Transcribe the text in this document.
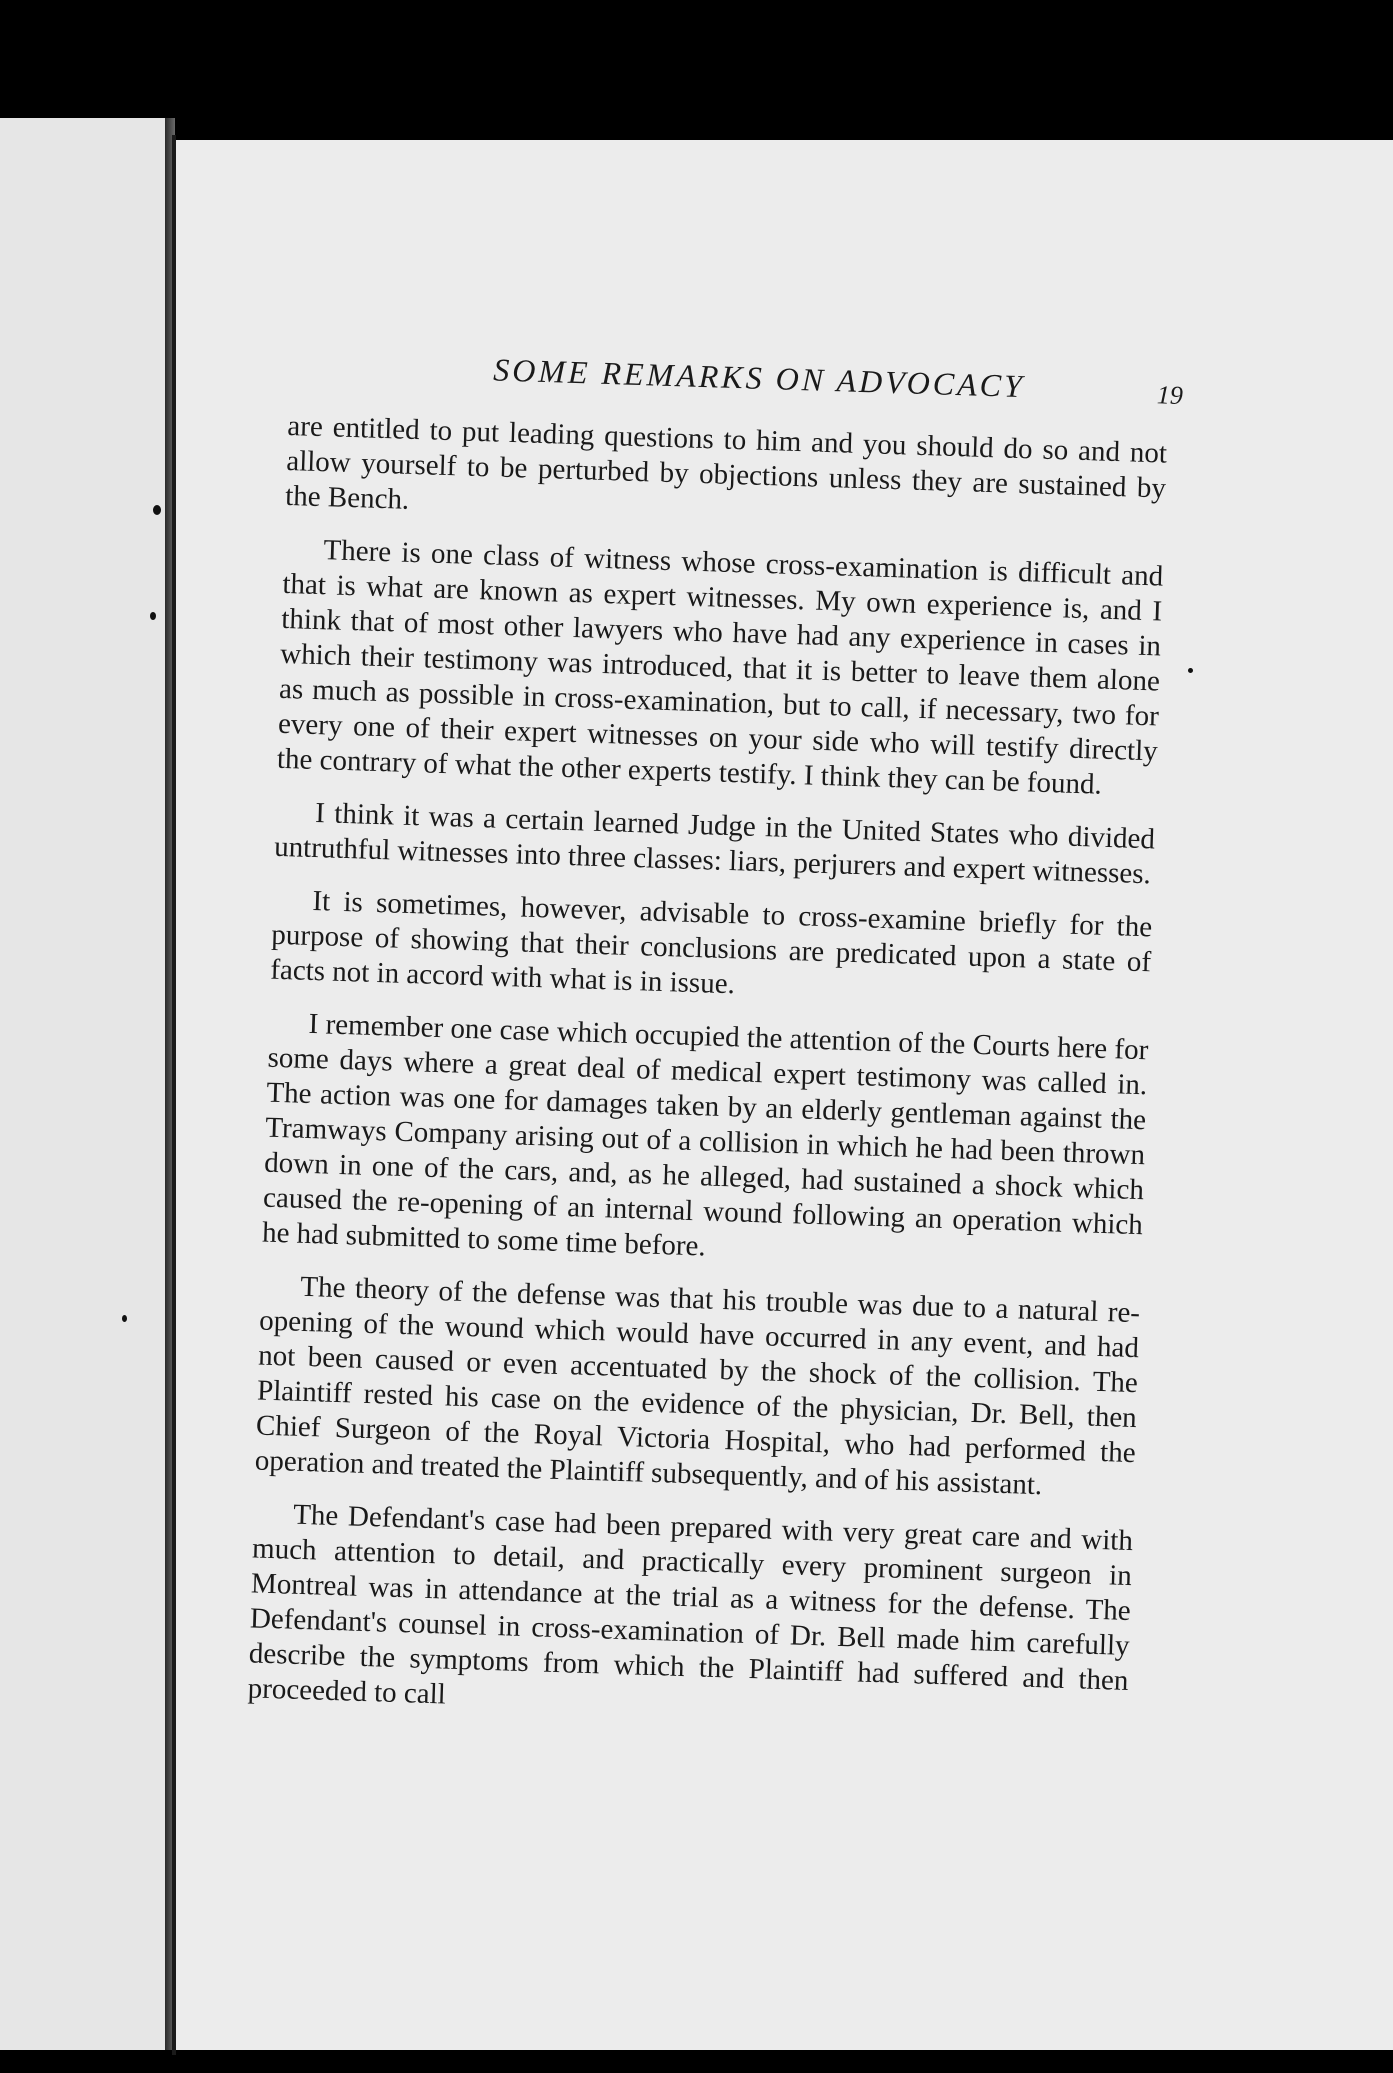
SOME REMARKS ON ADVOCACY	19

are entitled to put leading questions to him and you should do so and not allow yourself to be perturbed by objections unless they are sustained by the Bench.

There is one class of witness whose cross-examination is difficult and that is what are known as expert witnesses. My own experience is, and I think that of most other lawyers who have had any experience in cases in which their testimony was introduced, that it is better to leave them alone as much as possible in cross-examination, but to call, if necessary, two for every one of their expert witnesses on your side who will testify directly the contrary of what the other experts testify. I think they can be found.

I think it was a certain learned Judge in the United States who divided untruthful witnesses into three classes: liars, perjurers and expert witnesses.

It is sometimes, however, advisable to cross-examine briefly for the purpose of showing that their conclusions are predicated upon a state of facts not in accord with what is in issue.

I remember one case which occupied the attention of the Courts here for some days where a great deal of medical expert testimony was called in. The action was one for damages taken by an elderly gentleman against the Tramways Company arising out of a collision in which he had been thrown down in one of the cars, and, as he alleged, had sustained a shock which caused the re-opening of an internal wound following an operation which he had submitted to some time before.

The theory of the defense was that his trouble was due to a natural re-opening of the wound which would have occurred in any event, and had not been caused or even accentuated by the shock of the collision. The Plaintiff rested his case on the evidence of the physician, Dr. Bell, then Chief Surgeon of the Royal Victoria Hospital, who had performed the operation and treated the Plaintiff subsequently, and of his assistant.

The Defendant's case had been prepared with very great care and with much attention to detail, and practically every prominent surgeon in Montreal was in attendance at the trial as a witness for the defense. The Defendant's counsel in cross-examination of Dr. Bell made him carefully describe the symptoms from which the Plaintiff had suffered and then proceeded to call
